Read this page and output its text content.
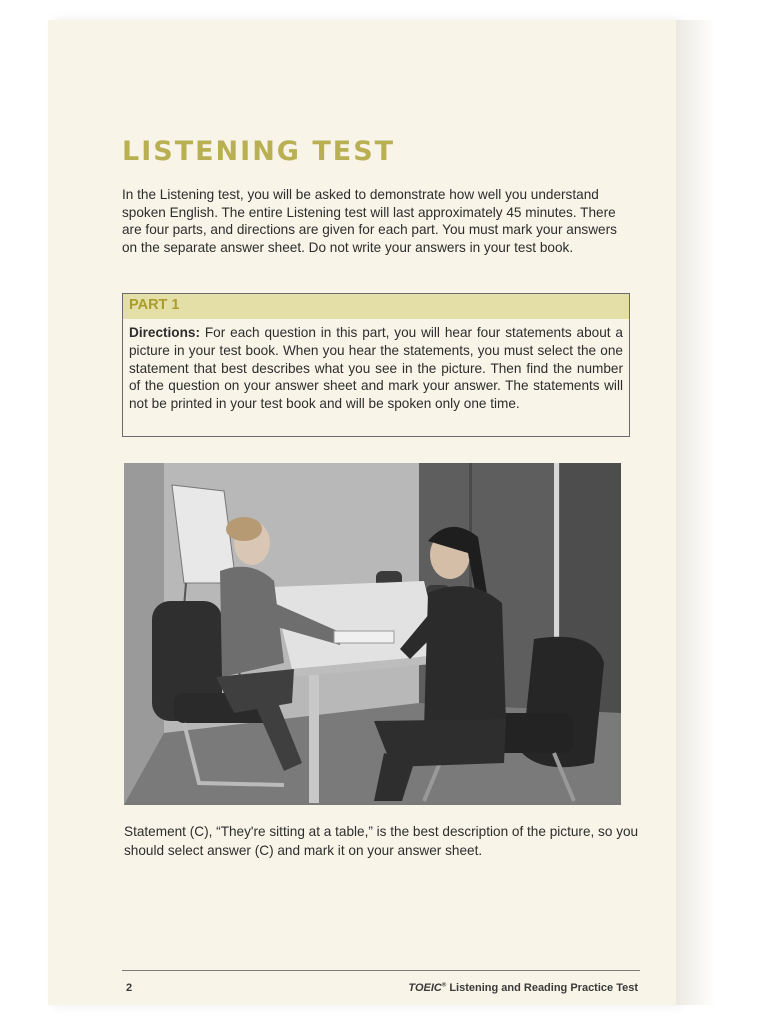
LISTENING TEST

In the Listening test, you will be asked to demonstrate how well you understand spoken English. The entire Listening test will last approximately 45 minutes. There are four parts, and directions are given for each part. You must mark your answers on the separate answer sheet. Do not write your answers in your test book.

PART 1

Directions: For each question in this part, you will hear four statements about a picture in your test book. When you hear the statements, you must select the one statement that best describes what you see in the picture. Then find the number of the question on your answer sheet and mark your answer. The statements will not be printed in your test book and will be spoken only one time.

Statement (C), “They're sitting at a table,” is the best description of the picture, so you should select answer (C) and mark it on your answer sheet.

2	TOEIC® Listening and Reading Practice Test
